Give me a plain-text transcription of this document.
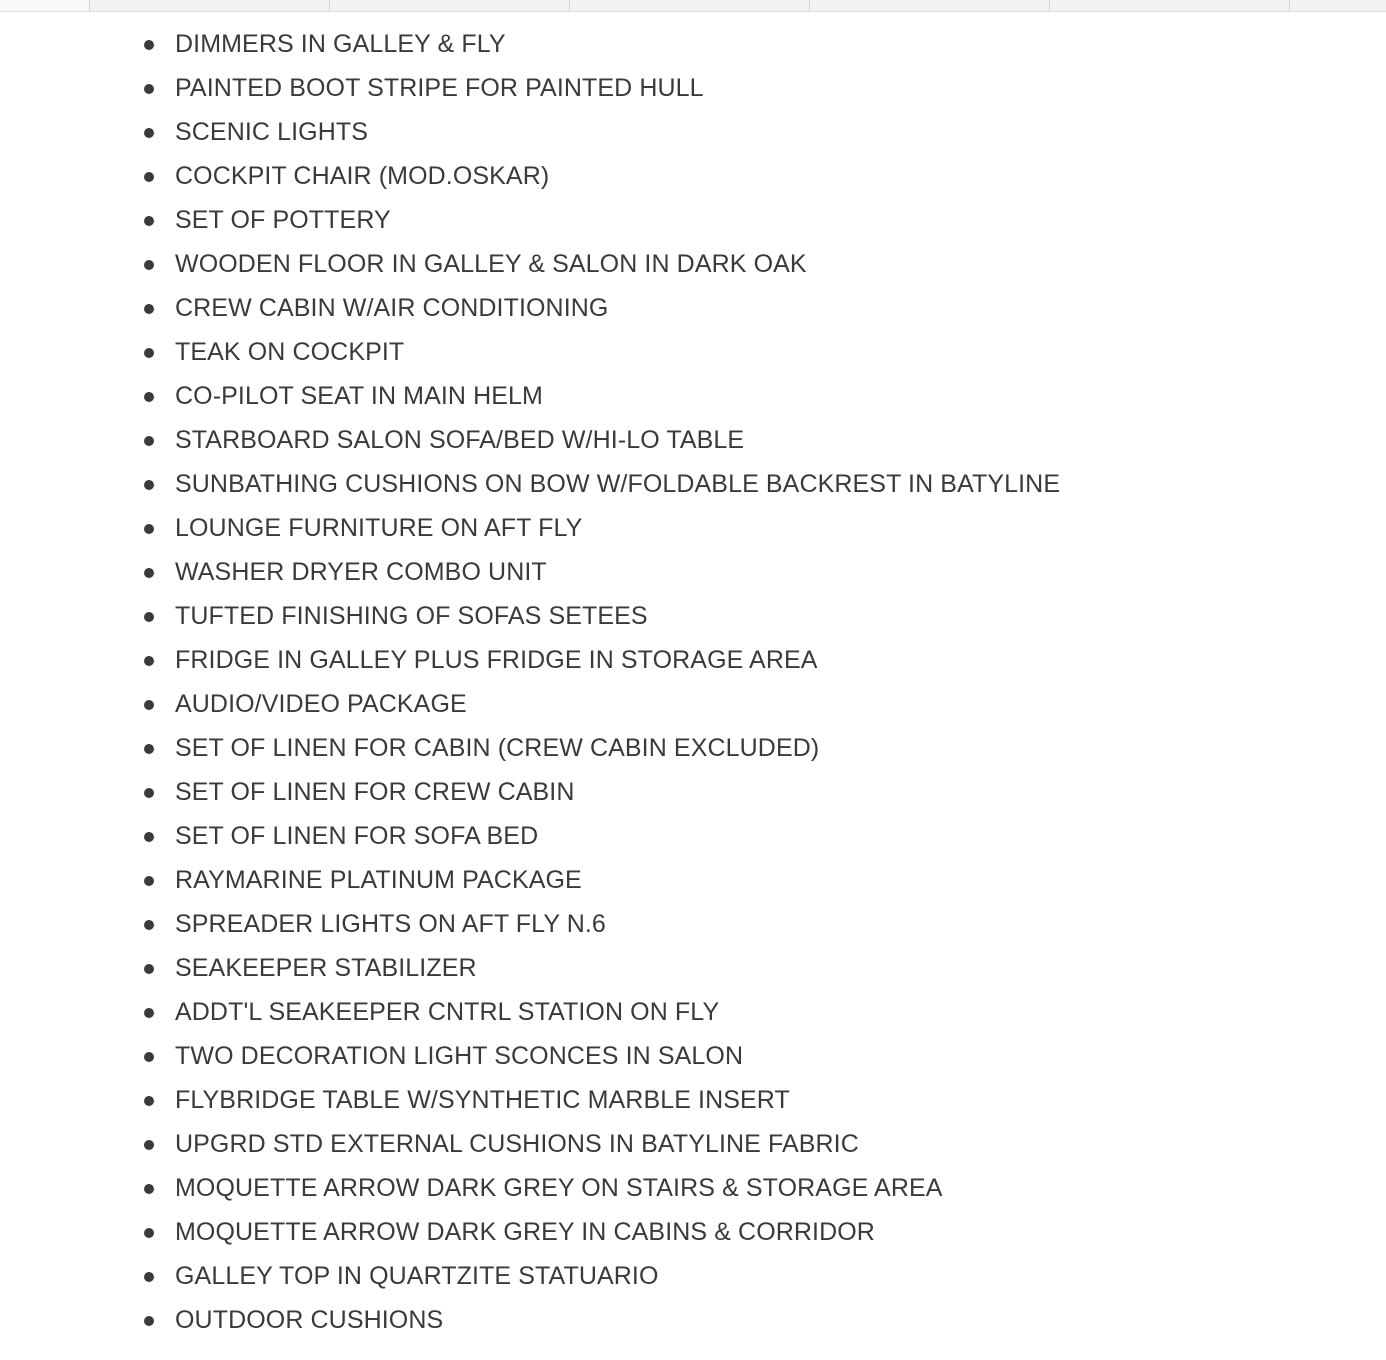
DIMMERS IN GALLEY & FLY
PAINTED BOOT STRIPE FOR PAINTED HULL
SCENIC LIGHTS
COCKPIT CHAIR (MOD.OSKAR)
SET OF POTTERY
WOODEN FLOOR IN GALLEY & SALON IN DARK OAK
CREW CABIN W/AIR CONDITIONING
TEAK ON COCKPIT
CO-PILOT SEAT IN MAIN HELM
STARBOARD SALON SOFA/BED W/HI-LO TABLE
SUNBATHING CUSHIONS ON BOW W/FOLDABLE BACKREST IN BATYLINE
LOUNGE FURNITURE ON AFT FLY
WASHER DRYER COMBO UNIT
TUFTED FINISHING OF SOFAS SETEES
FRIDGE IN GALLEY PLUS FRIDGE IN STORAGE AREA
AUDIO/VIDEO PACKAGE
SET OF LINEN FOR CABIN (CREW CABIN EXCLUDED)
SET OF LINEN FOR CREW CABIN
SET OF LINEN FOR SOFA BED
RAYMARINE PLATINUM PACKAGE
SPREADER LIGHTS ON AFT FLY N.6
SEAKEEPER STABILIZER
ADDT'L SEAKEEPER CNTRL STATION ON FLY
TWO DECORATION LIGHT SCONCES IN SALON
FLYBRIDGE TABLE W/SYNTHETIC MARBLE INSERT
UPGRD STD EXTERNAL CUSHIONS IN BATYLINE FABRIC
MOQUETTE ARROW DARK GREY ON STAIRS & STORAGE AREA
MOQUETTE ARROW DARK GREY IN CABINS & CORRIDOR
GALLEY TOP IN QUARTZITE STATUARIO
OUTDOOR CUSHIONS
